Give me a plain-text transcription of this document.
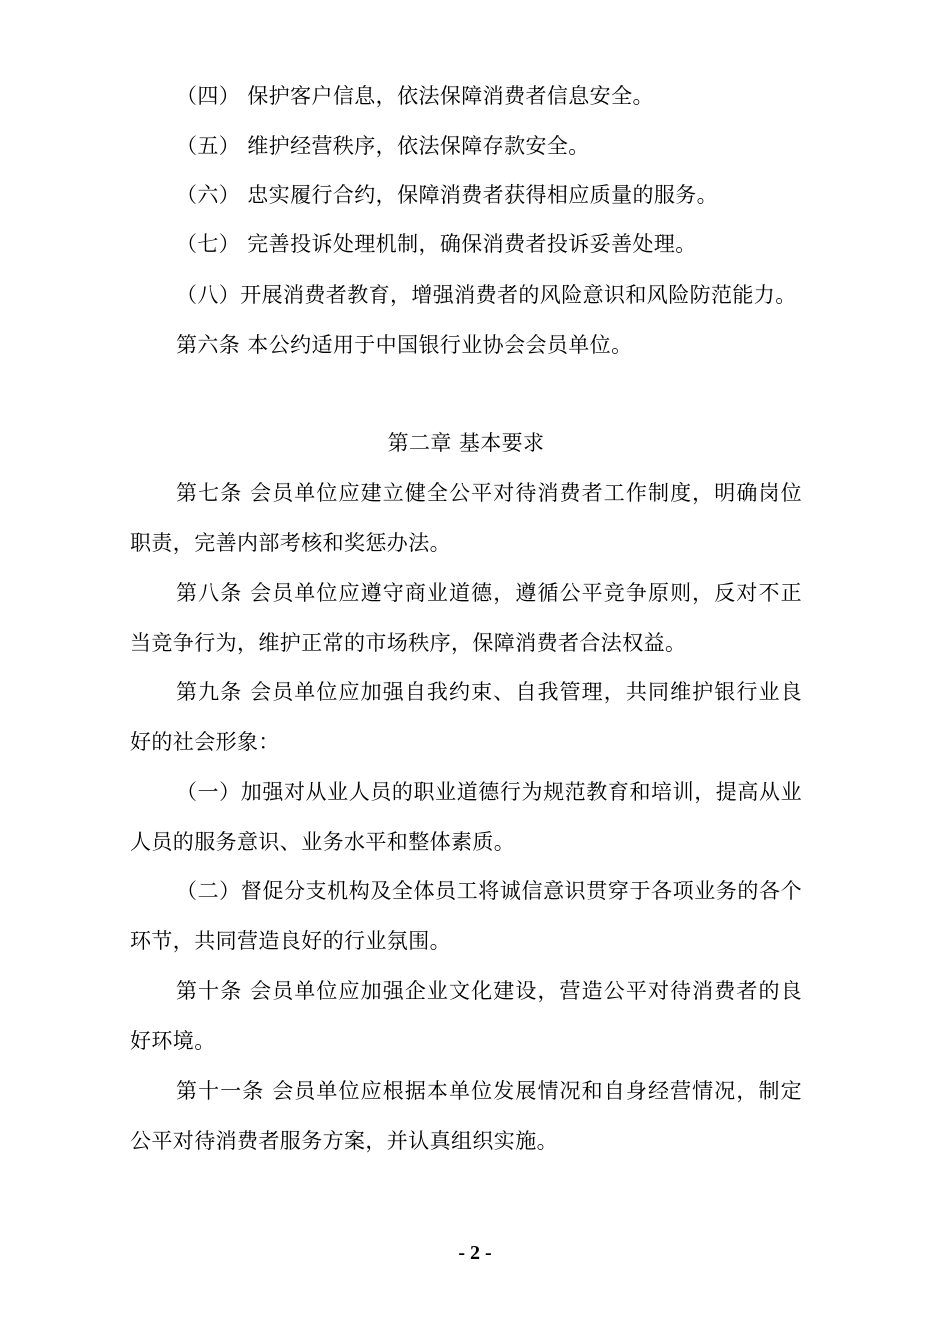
（四） 保护客户信息，依法保障消费者信息安全。

（五） 维护经营秩序，依法保障存款安全。

（六） 忠实履行合约，保障消费者获得相应质量的服务。

（七） 完善投诉处理机制，确保消费者投诉妥善处理。

（八）开展消费者教育，增强消费者的风险意识和风险防范能力。

第六条 本公约适用于中国银行业协会会员单位。

第二章 基本要求

第七条 会员单位应建立健全公平对待消费者工作制度，明确岗位职责，完善内部考核和奖惩办法。

第八条 会员单位应遵守商业道德，遵循公平竞争原则，反对不正当竞争行为，维护正常的市场秩序，保障消费者合法权益。

第九条 会员单位应加强自我约束、自我管理，共同维护银行业良好的社会形象：

（一）加强对从业人员的职业道德行为规范教育和培训，提高从业人员的服务意识、业务水平和整体素质。

（二）督促分支机构及全体员工将诚信意识贯穿于各项业务的各个环节，共同营造良好的行业氛围。

第十条 会员单位应加强企业文化建设，营造公平对待消费者的良好环境。

第十一条 会员单位应根据本单位发展情况和自身经营情况，制定公平对待消费者服务方案，并认真组织实施。

- 2 -
